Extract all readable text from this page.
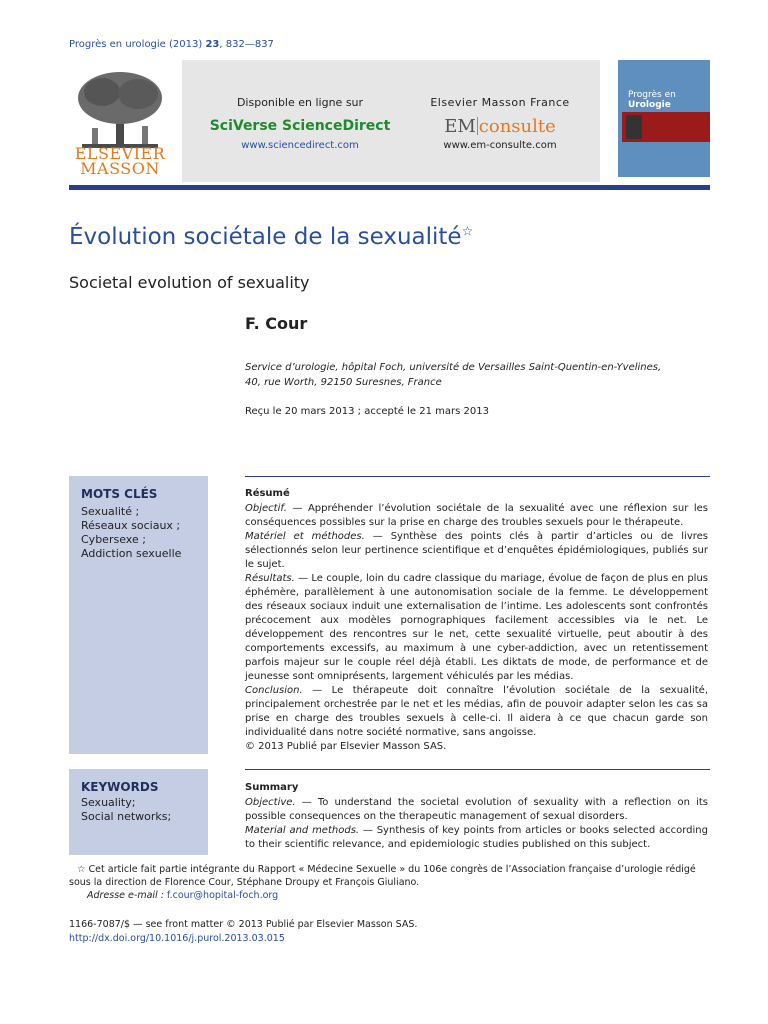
Progrès en urologie (2013) 23, 832—837
ELSEVIER
MASSON
Disponible en ligne sur
SciVerse ScienceDirect
www.sciencedirect.com
Elsevier Masson France
EM consulte
www.em-consulte.com
Progrès en
Urologie
Évolution sociétale de la sexualité☆
Societal evolution of sexuality
F. Cour
Service d’urologie, hôpital Foch, université de Versailles Saint-Quentin-en-Yvelines,
40, rue Worth, 92150 Suresnes, France
Reçu le 20 mars 2013 ; accepté le 21 mars 2013
MOTS CLÉS
Sexualité ;
Réseaux sociaux ;
Cybersexe ;
Addiction sexuelle
Résumé
Objectif. — Appréhender l’évolution sociétale de la sexualité avec une réflexion sur les conséquences possibles sur la prise en charge des troubles sexuels pour le thérapeute.
Matériel et méthodes. — Synthèse des points clés à partir d’articles ou de livres sélectionnés selon leur pertinence scientifique et d’enquêtes épidémiologiques, publiés sur le sujet.
Résultats. — Le couple, loin du cadre classique du mariage, évolue de façon de plus en plus éphémère, parallèlement à une autonomisation sociale de la femme. Le développement des réseaux sociaux induit une externalisation de l’intime. Les adolescents sont confrontés précocement aux modèles pornographiques facilement accessibles via le net. Le développement des rencontres sur le net, cette sexualité virtuelle, peut aboutir à des comportements excessifs, au maximum à une cyber-addiction, avec un retentissement parfois majeur sur le couple réel déjà établi. Les diktats de mode, de performance et de jeunesse sont omniprésents, largement véhiculés par les médias.
Conclusion. — Le thérapeute doit connaître l’évolution sociétale de la sexualité, principalement orchestrée par le net et les médias, afin de pouvoir adapter selon les cas sa prise en charge des troubles sexuels à celle-ci. Il aidera à ce que chacun garde son individualité dans notre société normative, sans angoisse.
© 2013 Publié par Elsevier Masson SAS.
KEYWORDS
Sexuality;
Social networks;
Summary
Objective. — To understand the societal evolution of sexuality with a reflection on its possible consequences on the therapeutic management of sexual disorders.
Material and methods. — Synthesis of key points from articles or books selected according to their scientific relevance, and epidemiologic studies published on this subject.
☆ Cet article fait partie intégrante du Rapport « Médecine Sexuelle » du 106e congrès de l’Association française d’urologie rédigé sous la direction de Florence Cour, Stéphane Droupy et François Giuliano.
Adresse e-mail : f.cour@hopital-foch.org
1166-7087/$ — see front matter © 2013 Publié par Elsevier Masson SAS.
http://dx.doi.org/10.1016/j.purol.2013.03.015
